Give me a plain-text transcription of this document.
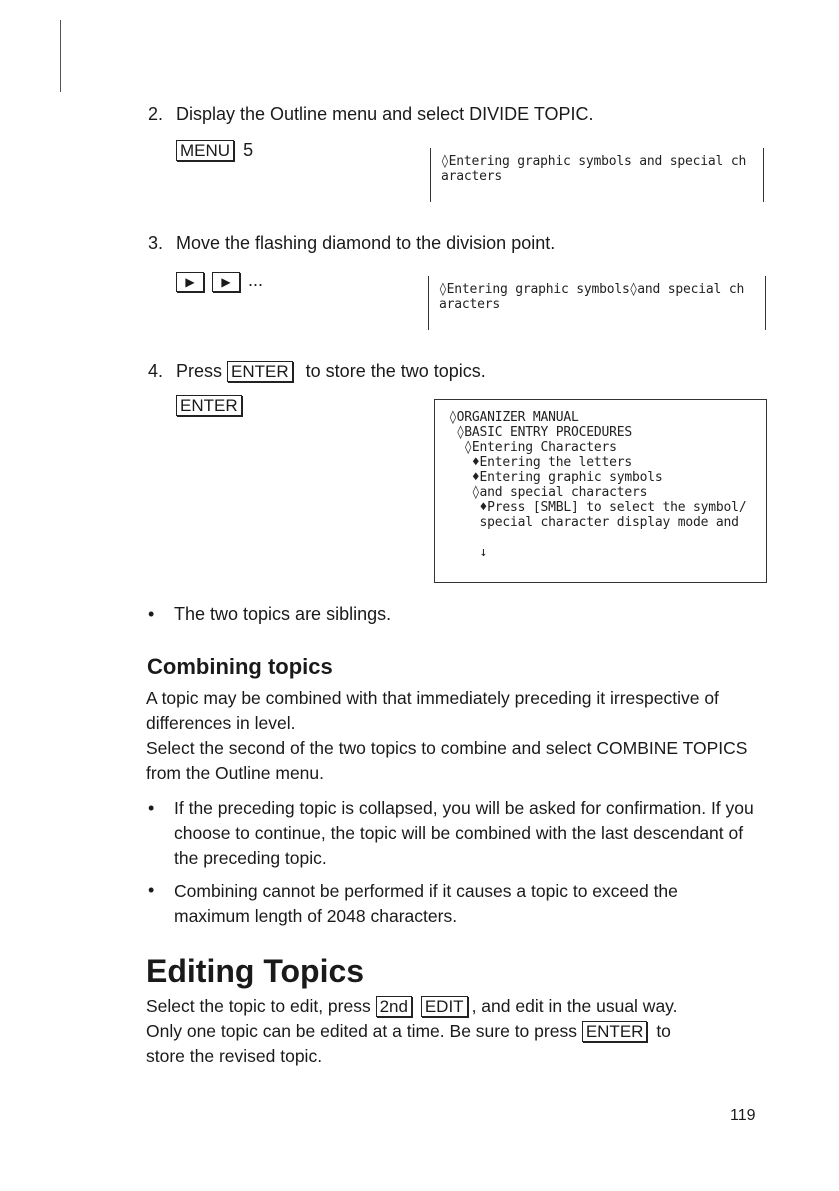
2. Display the Outline menu and select DIVIDE TOPIC.
MENU 5
◊Entering graphic symbols and special ch
aracters
3. Move the flashing diamond to the division point.
▶ ▶ ...	◊Entering graphic symbols◊and special ch
aracters
4. Press ENTER to store the two topics.
ENTER
◊ORGANIZER MANUAL
◊BASIC ENTRY PROCEDURES
◊Entering Characters
♦Entering the letters
♦Entering graphic symbols
◊and special characters
♦Press [SMBL] to select the symbol/
special character display mode and
↓
• The two topics are siblings.
Combining topics
A topic may be combined with that immediately preceding it irrespective of differences in level.
Select the second of the two topics to combine and select COMBINE TOPICS from the Outline menu.
• If the preceding topic is collapsed, you will be asked for confirmation. If you choose to continue, the topic will be combined with the last descendant of the preceding topic.
• Combining cannot be performed if it causes a topic to exceed the maximum length of 2048 characters.
Editing Topics
Select the topic to edit, press 2nd EDIT , and edit in the usual way.
Only one topic can be edited at a time. Be sure to press ENTER to
store the revised topic.
119
